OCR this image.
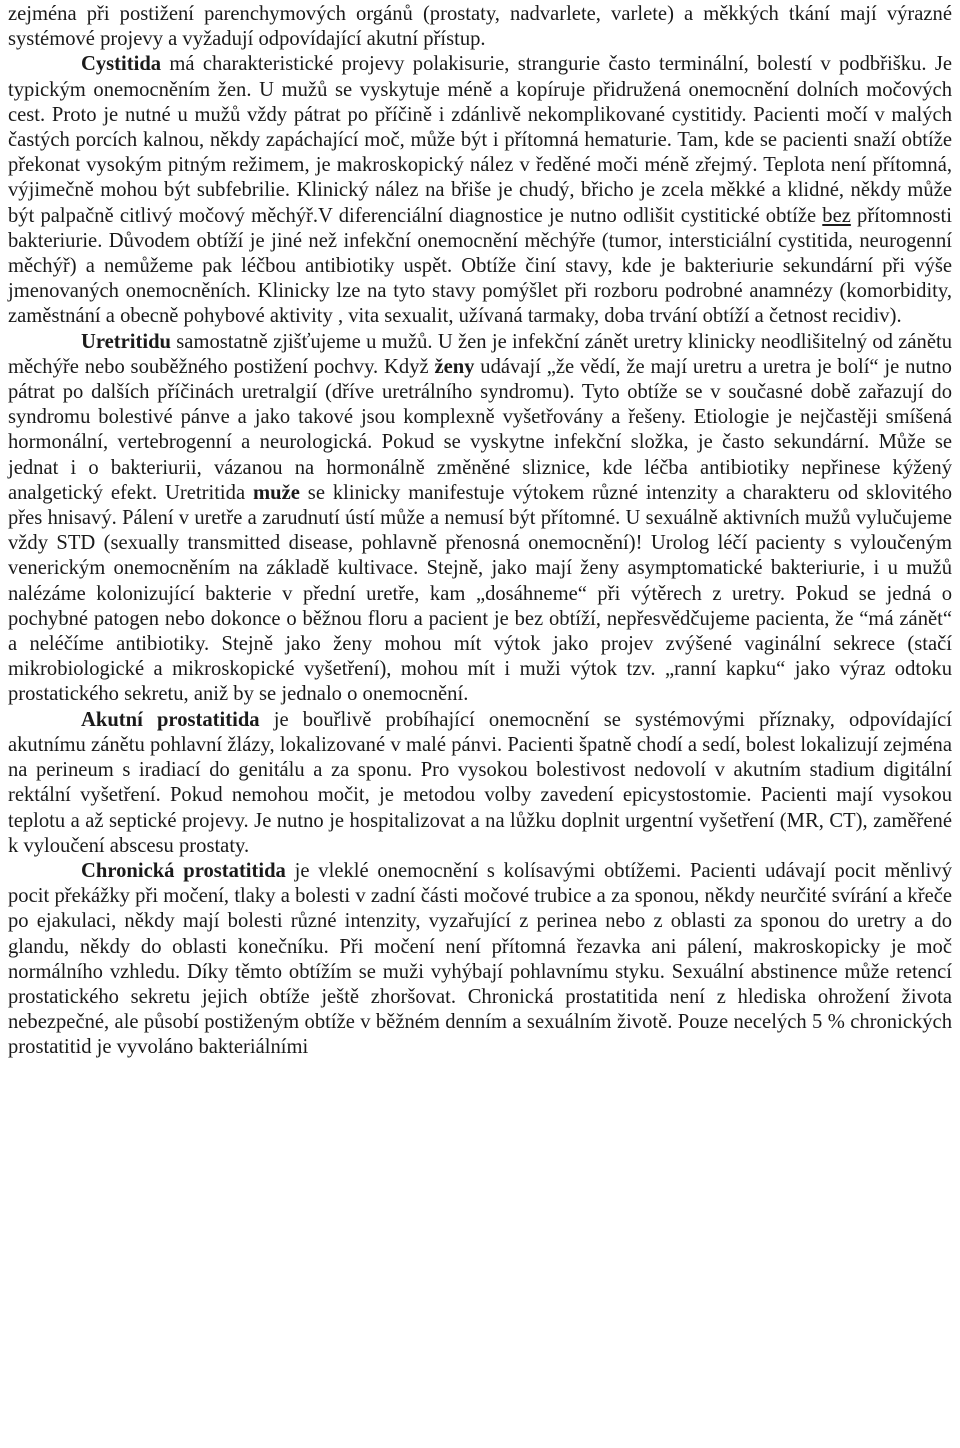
zejména při postižení parenchymových orgánů (prostaty, nadvarlete, varlete) a měkkých tkání mají výrazné systémové projevy a vyžadují odpovídající akutní přístup.

Cystitida má charakteristické projevy polakisurie, strangurie často terminální, bolestí v podbřišku. Je typickým onemocněním žen. U mužů se vyskytuje méně a kopíruje přidružená onemocnění dolních močových cest. Proto je nutné u mužů vždy pátrat po příčině i zdánlivě nekomplikované cystitidy. Pacienti močí v malých častých porcích kalnou, někdy zapáchající moč, může být i přítomná hematurie. Tam, kde se pacienti snaží obtíže překonat vysokým pitným režimem, je makroskopický nález v ředěné moči méně zřejmý. Teplota není přítomná, výjimečně mohou být subfebrilie. Klinický nález na břiše je chudý, břicho je zcela měkké a klidné, někdy může být palpačně citlivý močový měchýř.V diferenciální diagnostice je nutno odlišit cystitické obtíže bez přítomnosti bakteriurie. Důvodem obtíží je jiné než infekční onemocnění měchýře (tumor, intersticiální cystitida, neurogenní měchýř) a nemůžeme pak léčbou antibiotiky uspět. Obtíže činí stavy, kde je bakteriurie sekundární při výše jmenovaných onemocněních. Klinicky lze na tyto stavy pomýšlet při rozboru podrobné anamnézy (komorbidity, zaměstnání a obecně pohybové aktivity , vita sexualit, užívaná tarmaky, doba trvání obtíží a četnost recidiv).

Uretritidu samostatně zjišťujeme u mužů. U žen je infekční zánět uretry klinicky neodlišitelný od zánětu měchýře nebo souběžného postižení pochvy. Když ženy udávají „že vědí, že mají uretru a uretra je bolí“ je nutno pátrat po dalších příčinách uretralgií (dříve uretrálního syndromu). Tyto obtíže se v současné době zařazují do syndromu bolestivé pánve a jako takové jsou komplexně vyšetřovány a řešeny. Etiologie je nejčastěji smíšená hormonální, vertebrogenní a neurologická. Pokud se vyskytne infekční složka, je často sekundární. Může se jednat i o bakteriurii, vázanou na hormonálně změněné sliznice, kde léčba antibiotiky nepřinese kýžený analgetický efekt. Uretritida muže se klinicky manifestuje výtokem různé intenzity a charakteru od sklovitého přes hnisavý. Pálení v uretře a zarudnutí ústí může a nemusí být přítomné. U sexuálně aktivních mužů vylučujeme vždy STD (sexually transmitted disease, pohlavně přenosná onemocnění)! Urolog léčí pacienty s vyloučeným venerickým onemocněním na základě kultivace. Stejně, jako mají ženy asymptomatické bakteriurie, i u mužů nalézáme kolonizující bakterie v přední uretře, kam „dosáhneme“ při výtěrech z uretry. Pokud se jedná o pochybné patogen nebo dokonce o běžnou floru a pacient je bez obtíží, nepřesvědčujeme pacienta, že “má zánět“ a neléčíme antibiotiky. Stejně jako ženy mohou mít výtok jako projev zvýšené vaginální sekrece (stačí mikrobiologické a mikroskopické vyšetření), mohou mít i muži výtok tzv. „ranní kapku“ jako výraz odtoku prostatického sekretu, aniž by se jednalo o onemocnění.

Akutní prostatitida je bouřlivě probíhající onemocnění se systémovými příznaky, odpovídající akutnímu zánětu pohlavní žlázy, lokalizované v malé pánvi. Pacienti špatně chodí a sedí, bolest lokalizují zejména na perineum s iradiací do genitálu a za sponu. Pro vysokou bolestivost nedovolí v akutním stadium digitální rektální vyšetření. Pokud nemohou močit, je metodou volby zavedení epicystostomie. Pacienti mají vysokou teplotu a až septické projevy. Je nutno je hospitalizovat a na lůžku doplnit urgentní vyšetření (MR, CT), zaměřené k vyloučení abscesu prostaty.

Chronická prostatitida je vleklé onemocnění s kolísavými obtížemi. Pacienti udávají pocit měnlivý pocit překážky při močení, tlaky a bolesti v zadní části močové trubice a za sponou, někdy neurčité svírání a křeče po ejakulaci, někdy mají bolesti různé intenzity, vyzařující z perinea nebo z oblasti za sponou do uretry a do glandu, někdy do oblasti konečníku. Při močení není přítomná řezavka ani pálení, makroskopicky je moč normálního vzhledu. Díky těmto obtížím se muži vyhýbají pohlavnímu styku. Sexuální abstinence může retencí prostatického sekretu jejich obtíže ještě zhoršovat. Chronická prostatitida není z hlediska ohrožení života nebezpečné, ale působí postiženým obtíže v běžném denním a sexuálním životě. Pouze necelých 5 % chronických prostatitid je vyvoláno bakteriálními
